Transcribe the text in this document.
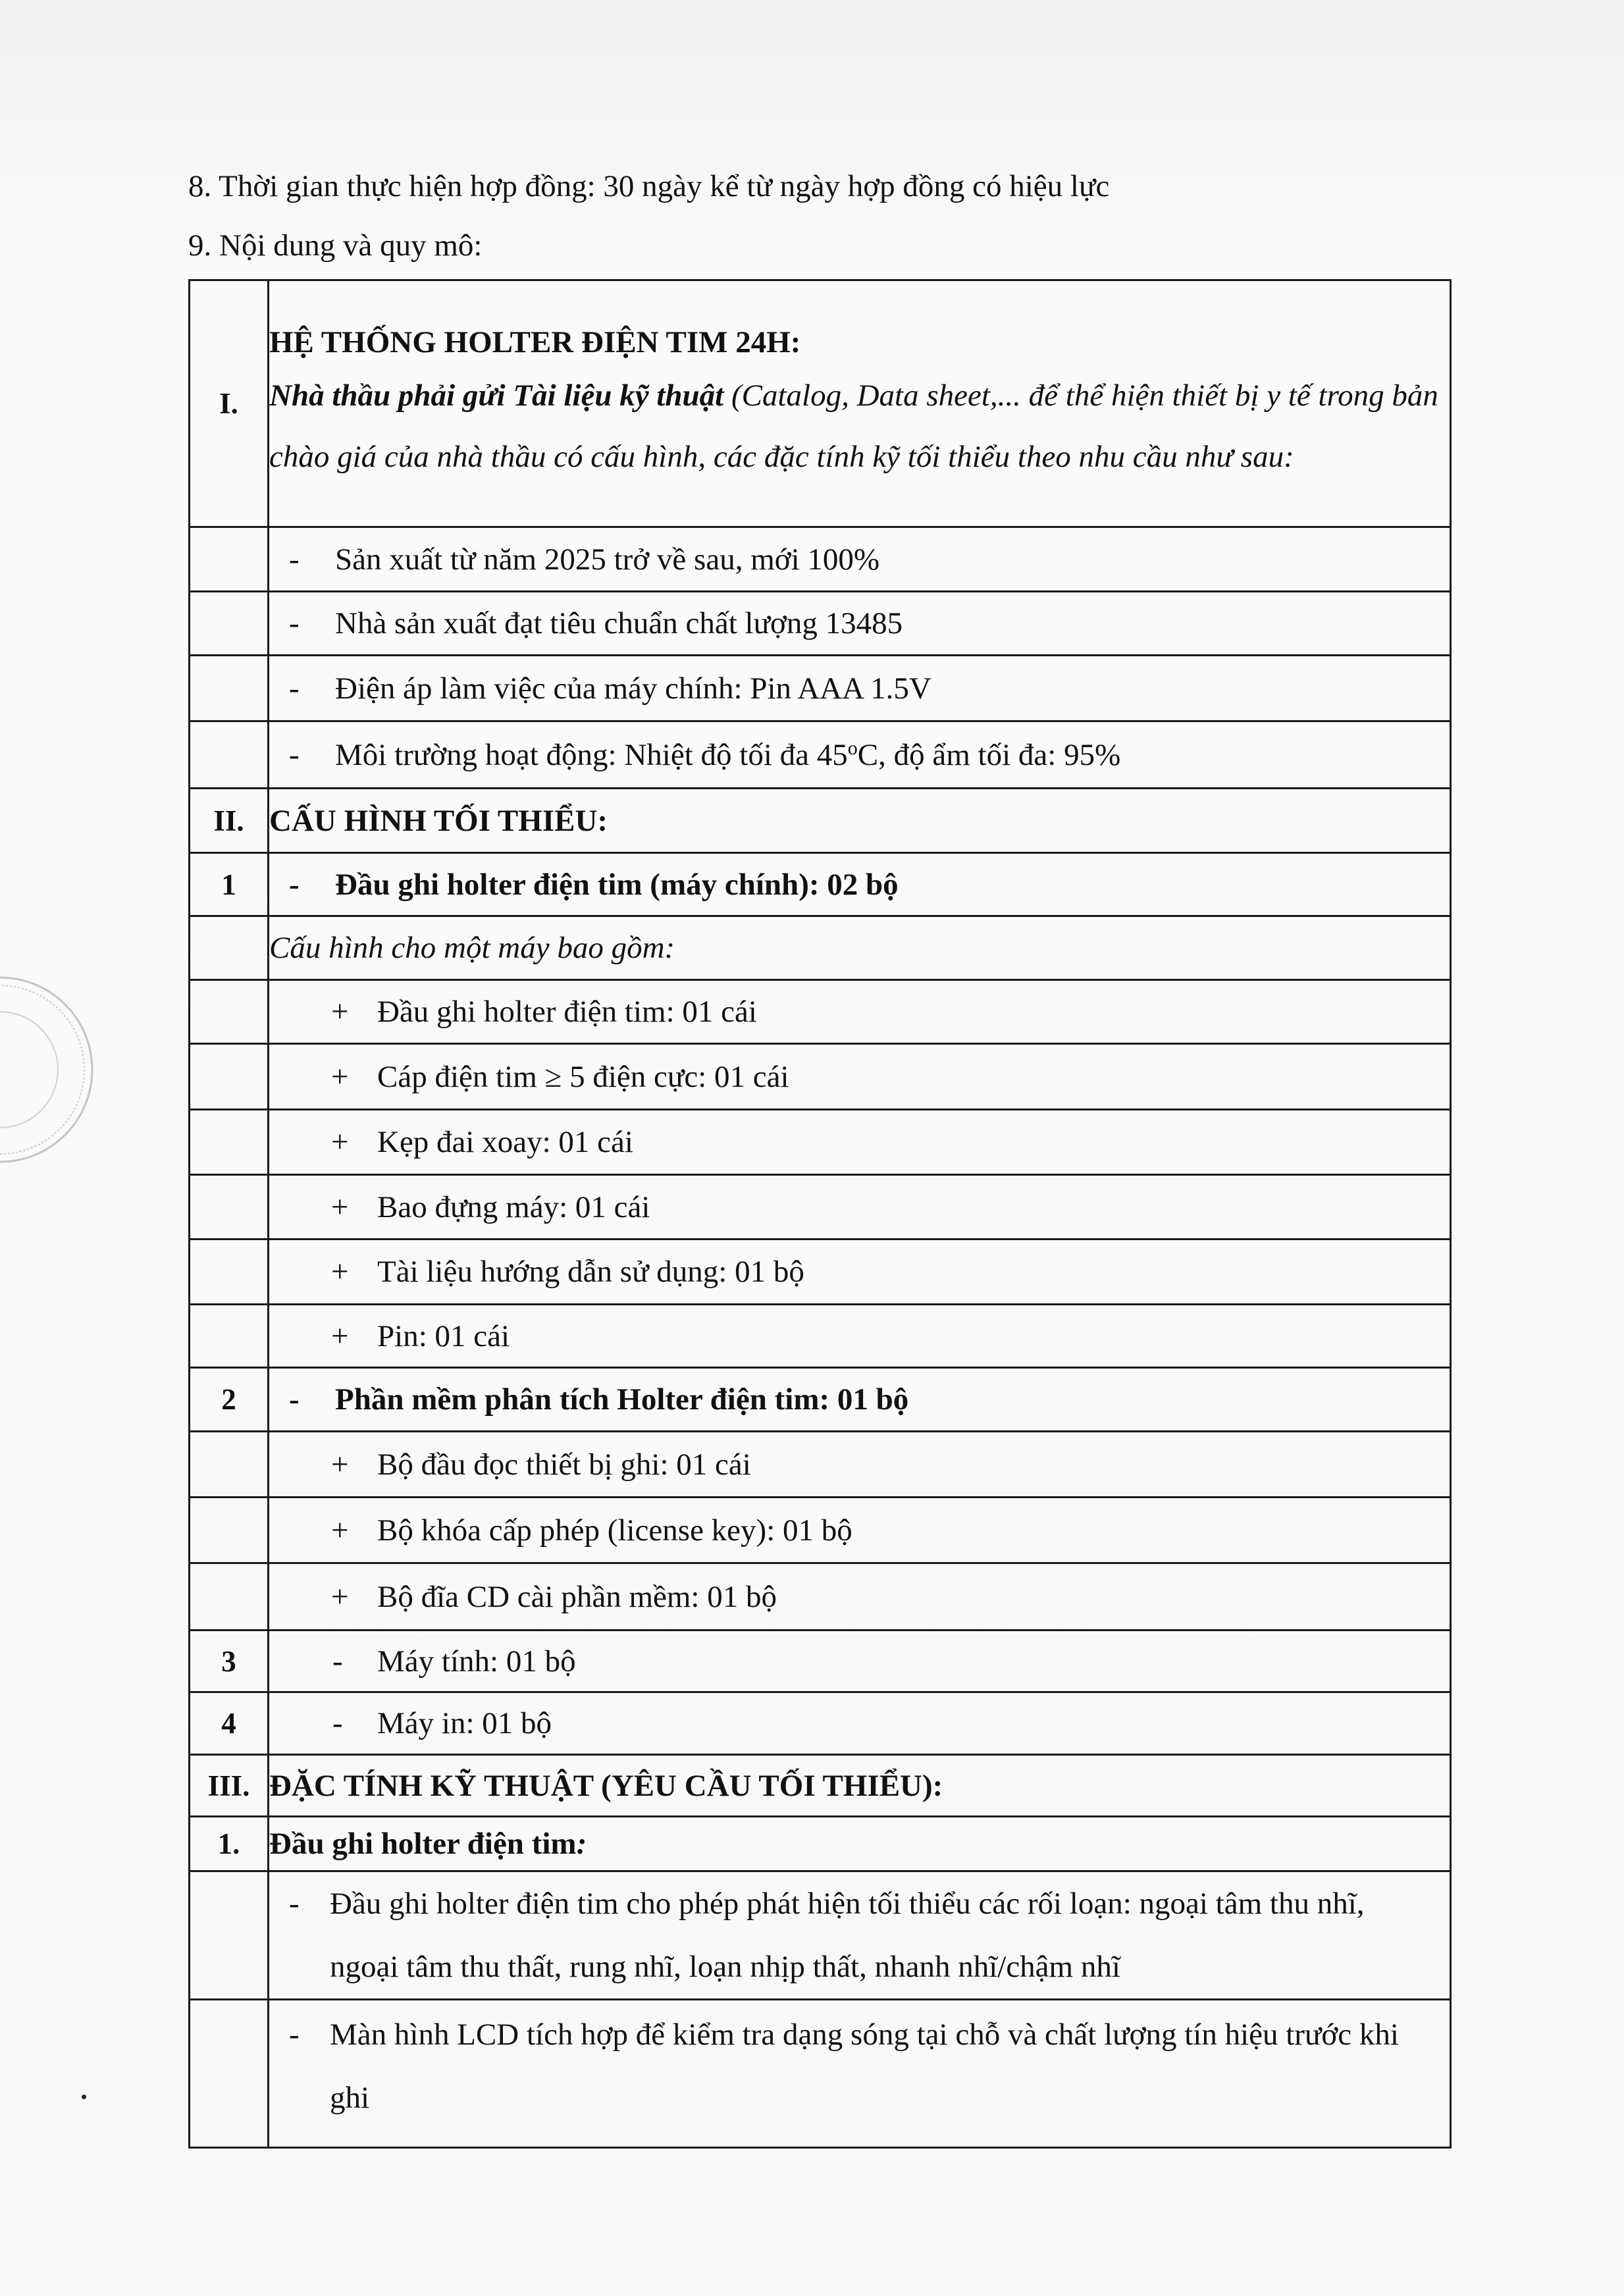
8. Thời gian thực hiện hợp đồng: 30 ngày kể từ ngày hợp đồng có hiệu lực
9. Nội dung và quy mô:
I.	HỆ THỐNG HOLTER ĐIỆN TIM 24H:
Nhà thầu phải gửi Tài liệu kỹ thuật (Catalog, Data sheet,... để thể hiện thiết bị y tế trong bản chào giá của nhà thầu có cấu hình, các đặc tính kỹ tối thiểu theo nhu cầu như sau:

	- Sản xuất từ năm 2025 trở về sau, mới 100%

	- Nhà sản xuất đạt tiêu chuẩn chất lượng 13485

	- Điện áp làm việc của máy chính: Pin AAA 1.5V

	- Môi trường hoạt động: Nhiệt độ tối đa 45$^o$C, độ ẩm tối đa: 95%

II.	CẤU HÌNH TỐI THIỂU:
1	- Đầu ghi holter điện tim (máy chính): 02 bộ

	Cấu hình cho một máy bao gồm:

	+ Đầu ghi holter điện tim: 01 cái

	+ Cáp điện tim ≥ 5 điện cực: 01 cái

	+ Kẹp đai xoay: 01 cái

	+ Bao đựng máy: 01 cái

	+ Tài liệu hướng dẫn sử dụng: 01 bộ

	+ Pin: 01 cái

2	- Phần mềm phân tích Holter điện tim: 01 bộ

	+ Bộ đầu đọc thiết bị ghi: 01 cái

	+ Bộ khóa cấp phép (license key): 01 bộ

	+ Bộ đĩa CD cài phần mềm: 01 bộ

3	- Máy tính: 01 bộ

4	- Máy in: 01 bộ

III.	ĐẶC TÍNH KỸ THUẬT (YÊU CẦU TỐI THIỂU):
1.	Đầu ghi holter điện tim:

	- Đầu ghi holter điện tim cho phép phát hiện tối thiểu các rối loạn: ngoại tâm thu nhĩ, ngoại tâm thu thất, rung nhĩ, loạn nhịp thất, nhanh nhĩ/chậm nhĩ

	- Màn hình LCD tích hợp để kiểm tra dạng sóng tại chỗ và chất lượng tín hiệu trước khi ghi
